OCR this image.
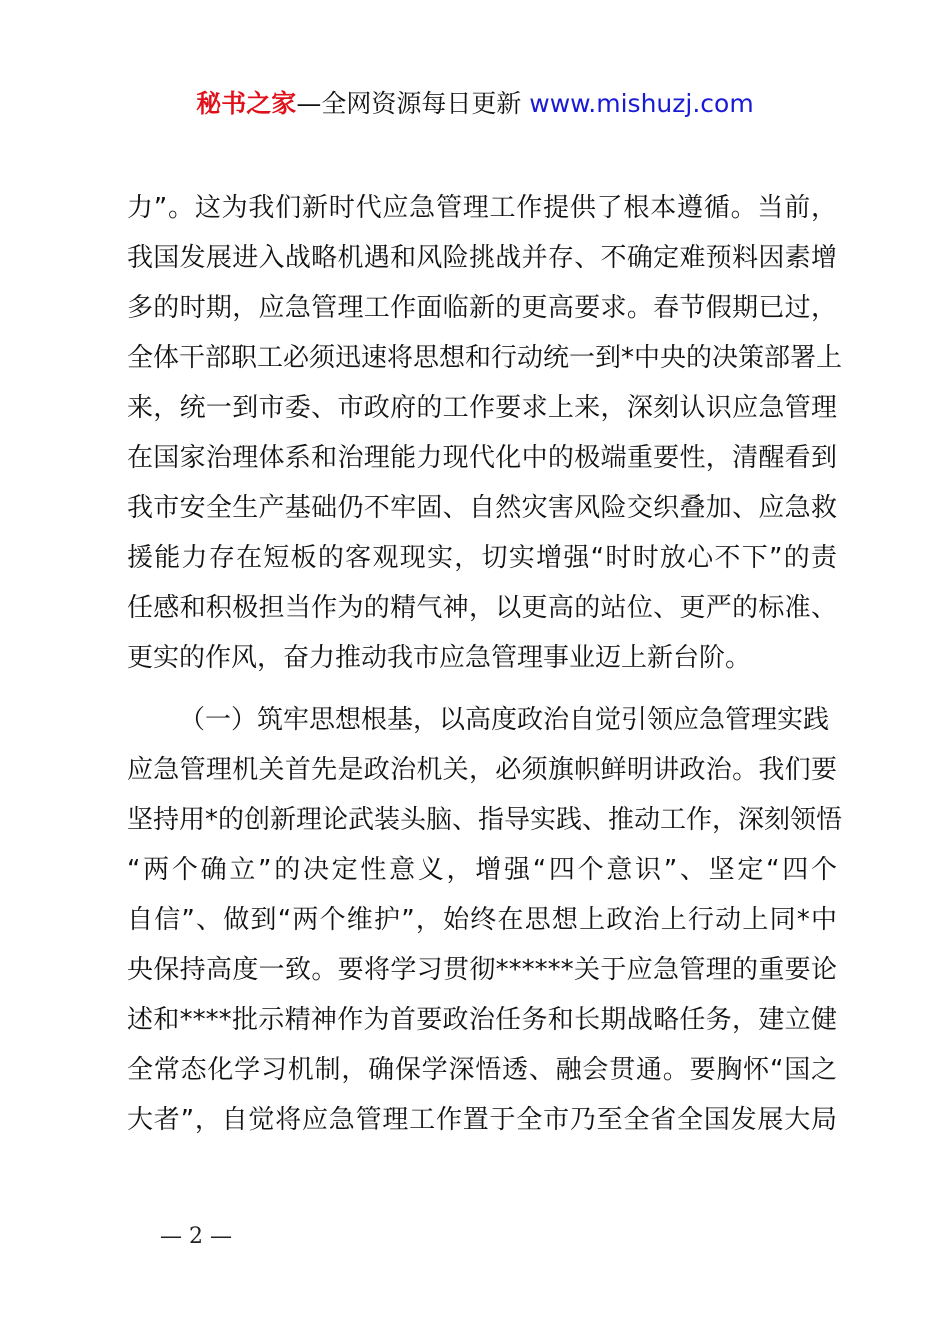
秘书之家—全网资源每日更新 www.mishuzj.com
力”。这为我们新时代应急管理工作提供了根本遵循。当前，
我国发展进入战略机遇和风险挑战并存、不确定难预料因素增
多的时期，应急管理工作面临新的更高要求。春节假期已过，
全体干部职工必须迅速将思想和行动统一到*中央的决策部署上
来，统一到市委、市政府的工作要求上来，深刻认识应急管理
在国家治理体系和治理能力现代化中的极端重要性，清醒看到
我市安全生产基础仍不牢固、自然灾害风险交织叠加、应急救
援能力存在短板的客观现实，切实增强“时时放心不下”的责
任感和积极担当作为的精气神，以更高的站位、更严的标准、
更实的作风，奋力推动我市应急管理事业迈上新台阶。
（一）筑牢思想根基，以高度政治自觉引领应急管理实践
应急管理机关首先是政治机关，必须旗帜鲜明讲政治。我们要
坚持用*的创新理论武装头脑、指导实践、推动工作，深刻领悟
“两个确立”的决定性意义，增强“四个意识”、坚定“四个
自信”、做到“两个维护”，始终在思想上政治上行动上同*中
央保持高度一致。要将学习贯彻******关于应急管理的重要论
述和****批示精神作为首要政治任务和长期战略任务，建立健
全常态化学习机制，确保学深悟透、融会贯通。要胸怀“国之
大者”，自觉将应急管理工作置于全市乃至全省全国发展大局
— 2 —
